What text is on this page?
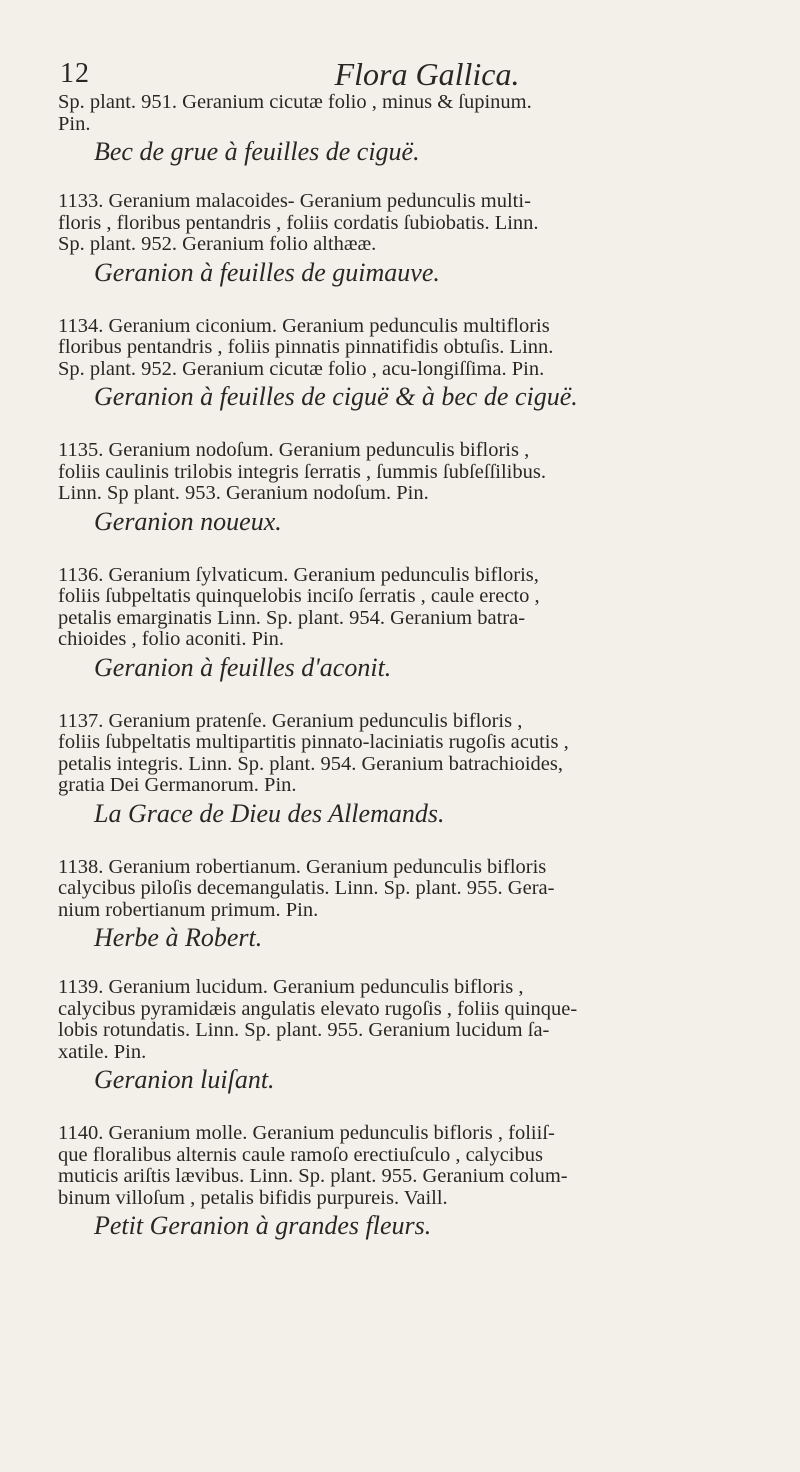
12	Flora Gallica.

Sp. plant. 951. Geranium cicutæ folio , minus & ſupinum.
Pin.

Bec de grue à feuilles de ciguë.

1133. Geranium malacoides- Geranium pedunculis multi-
floris , floribus pentandris , foliis cordatis ſubiobatis. Linn.
Sp. plant. 952. Geranium folio althææ.

Geranion à feuilles de guimauve.

1134. Geranium ciconium. Geranium pedunculis multifloris
floribus pentandris , foliis pinnatis pinnatifidis obtuſis. Linn.
Sp. plant. 952. Geranium cicutæ folio , acu-longiſſima. Pin.

Geranion à feuilles de ciguë & à bec de ciguë.

1135. Geranium nodoſum. Geranium pedunculis bifloris ,
foliis caulinis trilobis integris ſerratis , ſummis ſubſeſſilibus.
Linn. Sp plant. 953. Geranium nodoſum. Pin.

Geranion noueux.

1136. Geranium ſylvaticum. Geranium pedunculis bifloris,
foliis ſubpeltatis quinquelobis inciſo ſerratis , caule erecto ,
petalis emarginatis Linn. Sp. plant. 954. Geranium batra-
chioides , folio aconiti. Pin.

Geranion à feuilles d'aconit.

1137. Geranium pratenſe. Geranium pedunculis bifloris ,
foliis ſubpeltatis multipartitis pinnato-laciniatis rugoſis acutis ,
petalis integris. Linn. Sp. plant. 954. Geranium batrachioides,
gratia Dei Germanorum. Pin.

La Grace de Dieu des Allemands.

1138. Geranium robertianum. Geranium pedunculis bifloris
calycibus piloſis decemangulatis. Linn. Sp. plant. 955. Gera-
nium robertianum primum. Pin.

Herbe à Robert.

1139. Geranium lucidum. Geranium pedunculis bifloris ,
calycibus pyramidæis angulatis elevato rugoſis , foliis quinque-
lobis rotundatis. Linn. Sp. plant. 955. Geranium lucidum ſa-
xatile. Pin.

Geranion luiſant.

1140. Geranium molle. Geranium pedunculis bifloris , foliiſ-
que floralibus alternis caule ramoſo erectiuſculo , calycibus
muticis ariſtis lævibus. Linn. Sp. plant. 955. Geranium colum-
binum villoſum , petalis bifidis purpureis. Vaill.

Petit Geranion à grandes fleurs.
